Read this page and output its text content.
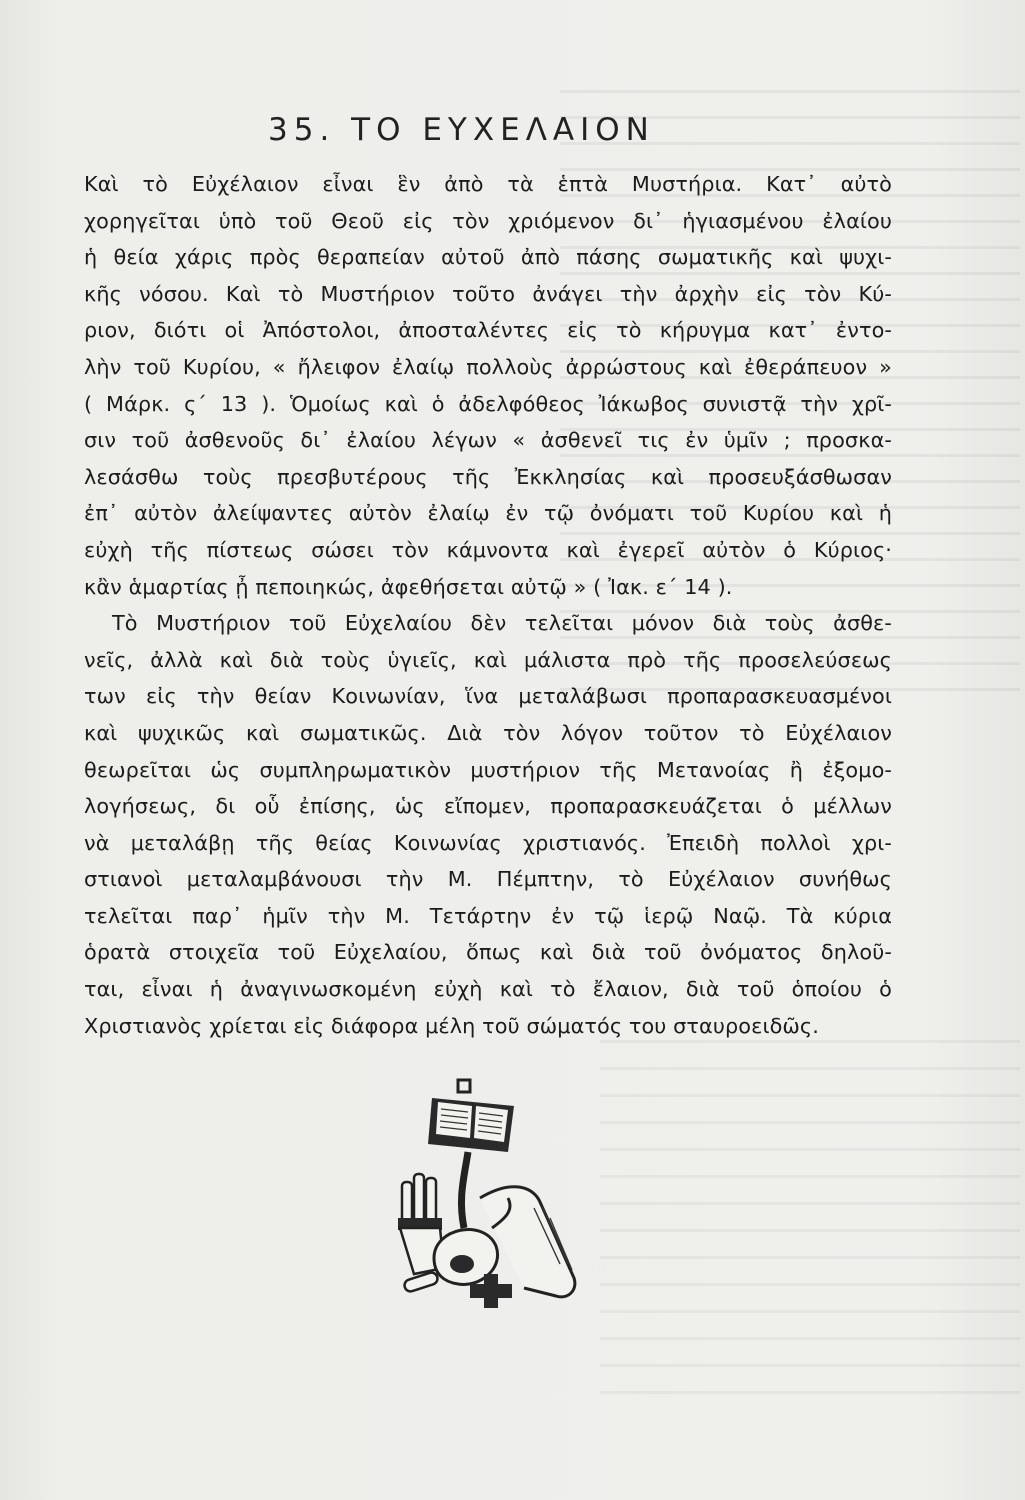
35. ΤΟ ΕΥΧΕΛΑΙΟΝ
Καὶ τὸ Εὐχέλαιον εἶναι ἓν ἀπὸ τὰ ἑπτὰ Μυστήρια. Κατ᾿ αὐτὸ
χορηγεῖται ὑπὸ τοῦ Θεοῦ εἰς τὸν χριόμενον δι᾿ ἡγιασμένου ἐλαίου
ἡ θεία χάρις πρὸς θεραπείαν αὐτοῦ ἀπὸ πάσης σωματικῆς καὶ ψυχι-
κῆς νόσου. Καὶ τὸ Μυστήριον τοῦτο ἀνάγει τὴν ἀρχὴν εἰς τὸν Κύ-
ριον, διότι οἱ Ἀπόστολοι, ἀποσταλέντες εἰς τὸ κήρυγμα κατ᾿ ἐντο-
λὴν τοῦ Κυρίου, « ἤλειφον ἐλαίῳ πολλοὺς ἀρρώστους καὶ ἐθεράπευον »
( Μάρκ. ς΄ 13 ). Ὁμοίως καὶ ὁ ἀδελφόθεος Ἰάκωβος συνιστᾷ τὴν χρῖ-
σιν τοῦ ἀσθενοῦς δι᾿ ἐλαίου λέγων « ἀσθενεῖ τις ἐν ὑμῖν ; προσκα-
λεσάσθω τοὺς πρεσβυτέρους τῆς Ἐκκλησίας καὶ προσευξάσθωσαν
ἐπ᾿ αὐτὸν ἀλείψαντες αὐτὸν ἐλαίῳ ἐν τῷ ὀνόματι τοῦ Κυρίου καὶ ἡ
εὐχὴ τῆς πίστεως σώσει τὸν κάμνοντα καὶ ἐγερεῖ αὐτὸν ὁ Κύριος·
κἂν ἁμαρτίας ᾖ πεποιηκώς, ἀφεθήσεται αὐτῷ » ( Ἰακ. ε΄ 14 ).
Τὸ Μυστήριον τοῦ Εὐχελαίου δὲν τελεῖται μόνον διὰ τοὺς ἀσθε-
νεῖς, ἀλλὰ καὶ διὰ τοὺς ὑγιεῖς, καὶ μάλιστα πρὸ τῆς προσελεύσεως
των εἰς τὴν θείαν Κοινωνίαν, ἵνα μεταλάβωσι προπαρασκευασμένοι
καὶ ψυχικῶς καὶ σωματικῶς. Διὰ τὸν λόγον τοῦτον τὸ Εὐχέλαιον
θεωρεῖται ὡς συμπληρωματικὸν μυστήριον τῆς Μετανοίας ἢ ἐξομο-
λογήσεως, δι οὗ ἐπίσης, ὡς εἴπομεν, προπαρασκευάζεται ὁ μέλλων
νὰ μεταλάβῃ τῆς θείας Κοινωνίας χριστιανός. Ἐπειδὴ πολλοὶ χρι-
στιανοὶ μεταλαμβάνουσι τὴν Μ. Πέμπτην, τὸ Εὐχέλαιον συνήθως
τελεῖται παρ᾿ ἡμῖν τὴν Μ. Τετάρτην ἐν τῷ ἱερῷ Ναῷ. Τὰ κύρια
ὁρατὰ στοιχεῖα τοῦ Εὐχελαίου, ὅπως καὶ διὰ τοῦ ὀνόματος δηλοῦ-
ται, εἶναι ἡ ἀναγινωσκομένη εὐχὴ καὶ τὸ ἔλαιον, διὰ τοῦ ὁποίου ὁ
Χριστιανὸς χρίεται εἰς διάφορα μέλη τοῦ σώματός του σταυροειδῶς.
